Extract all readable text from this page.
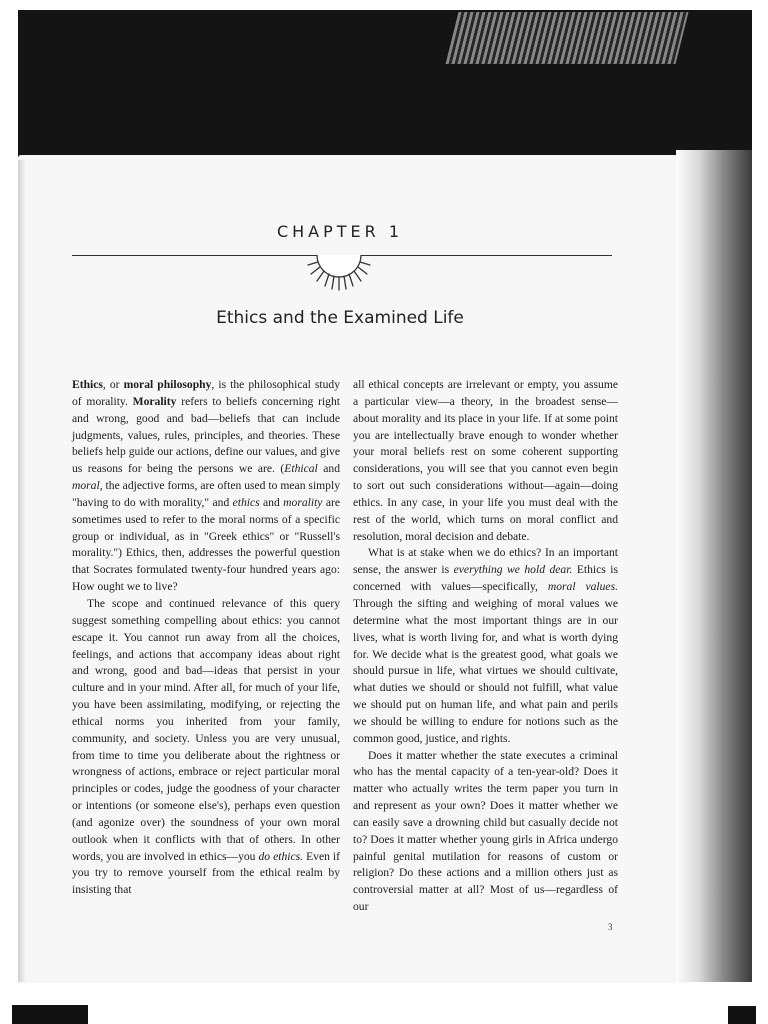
CHAPTER 1
Ethics and the Examined Life

Ethics, or moral philosophy, is the philosophical study of morality. Morality refers to beliefs concerning right and wrong, good and bad—beliefs that can include judgments, values, rules, principles, and theories. These beliefs help guide our actions, define our values, and give us reasons for being the persons we are. (Ethical and moral, the adjective forms, are often used to mean simply "having to do with morality," and ethics and morality are sometimes used to refer to the moral norms of a specific group or individual, as in "Greek ethics" or "Russell's morality.") Ethics, then, addresses the powerful question that Socrates formulated twenty-four hundred years ago: How ought we to live?

The scope and continued relevance of this query suggest something compelling about ethics: you cannot escape it. You cannot run away from all the choices, feelings, and actions that accompany ideas about right and wrong, good and bad—ideas that persist in your culture and in your mind. After all, for much of your life, you have been assimilating, modifying, or rejecting the ethical norms you inherited from your family, community, and society. Unless you are very unusual, from time to time you deliberate about the rightness or wrongness of actions, embrace or reject particular moral principles or codes, judge the goodness of your character or intentions (or someone else's), perhaps even question (and agonize over) the soundness of your own moral outlook when it conflicts with that of others. In other words, you are involved in ethics—you do ethics. Even if you try to remove yourself from the ethical realm by insisting that

all ethical concepts are irrelevant or empty, you assume a particular view—a theory, in the broadest sense—about morality and its place in your life. If at some point you are intellectually brave enough to wonder whether your moral beliefs rest on some coherent supporting considerations, you will see that you cannot even begin to sort out such considerations without—again—doing ethics. In any case, in your life you must deal with the rest of the world, which turns on moral conflict and resolution, moral decision and debate.

What is at stake when we do ethics? In an important sense, the answer is everything we hold dear. Ethics is concerned with values—specifically, moral values. Through the sifting and weighing of moral values we determine what the most important things are in our lives, what is worth living for, and what is worth dying for. We decide what is the greatest good, what goals we should pursue in life, what virtues we should cultivate, what duties we should or should not fulfill, what value we should put on human life, and what pain and perils we should be willing to endure for notions such as the common good, justice, and rights.

Does it matter whether the state executes a criminal who has the mental capacity of a ten-year-old? Does it matter who actually writes the term paper you turn in and represent as your own? Does it matter whether we can easily save a drowning child but casually decide not to? Does it matter whether young girls in Africa undergo painful genital mutilation for reasons of custom or religion? Do these actions and a million others just as controversial matter at all? Most of us—regardless of our

3
